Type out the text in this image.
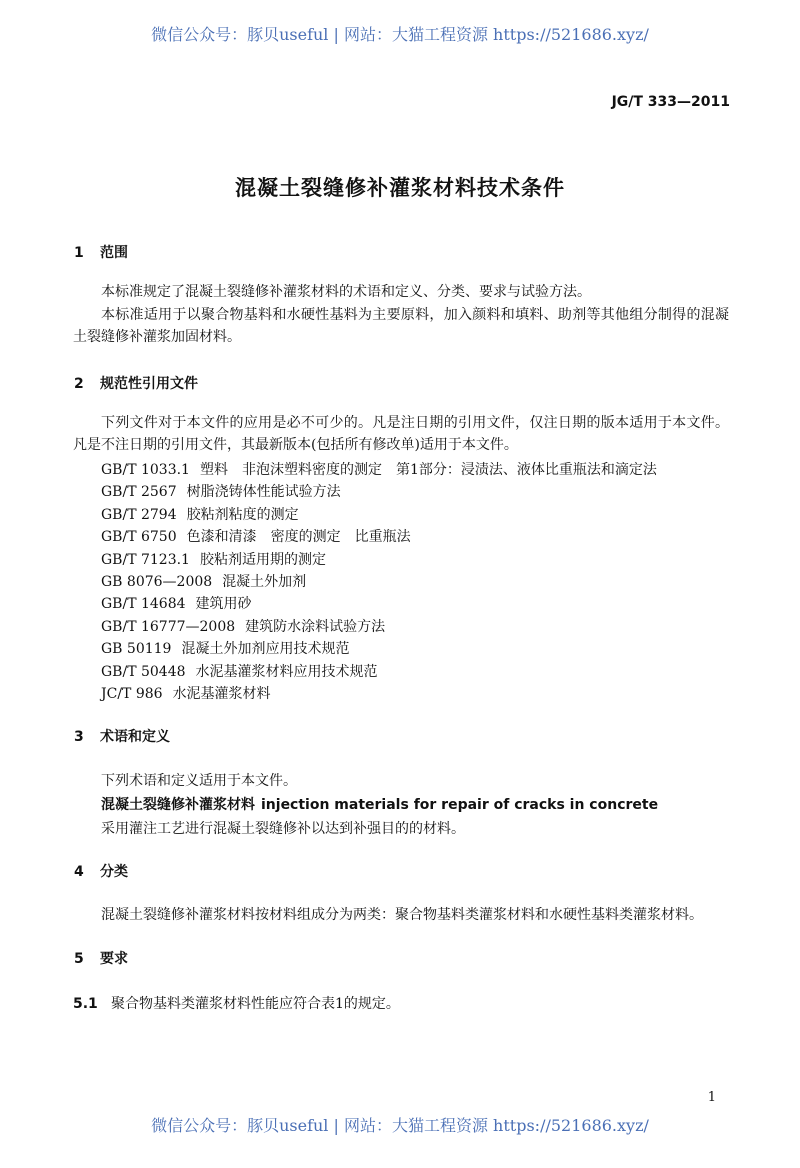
微信公众号：豚贝useful | 网站：大猫工程资源 https://521686.xyz/
JG/T 333—2011
混凝土裂缝修补灌浆材料技术条件
1 范围

本标准规定了混凝土裂缝修补灌浆材料的术语和定义、分类、要求与试验方法。

本标准适用于以聚合物基料和水硬性基料为主要原料，加入颜料和填料、助剂等其他组分制得的混凝土裂缝修补灌浆加固材料。

2 规范性引用文件

下列文件对于本文件的应用是必不可少的。凡是注日期的引用文件，仅注日期的版本适用于本文件。凡是不注日期的引用文件，其最新版本(包括所有修改单)适用于本文件。

GB/T 1033.1 塑料　非泡沫塑料密度的测定　第1部分：浸渍法、液体比重瓶法和滴定法
GB/T 2567 树脂浇铸体性能试验方法
GB/T 2794 胶粘剂粘度的测定
GB/T 6750 色漆和清漆　密度的测定　比重瓶法
GB/T 7123.1 胶粘剂适用期的测定
GB 8076—2008 混凝土外加剂
GB/T 14684 建筑用砂
GB/T 16777—2008 建筑防水涂料试验方法
GB 50119 混凝土外加剂应用技术规范
GB/T 50448 水泥基灌浆材料应用技术规范
JC/T 986 水泥基灌浆材料
3 术语和定义
下列术语和定义适用于本文件。
混凝土裂缝修补灌浆材料 injection materials for repair of cracks in concrete
采用灌注工艺进行混凝土裂缝修补以达到补强目的的材料。
4 分类
混凝土裂缝修补灌浆材料按材料组成分为两类：聚合物基料类灌浆材料和水硬性基料类灌浆材料。
5 要求
5.1 聚合物基料类灌浆材料性能应符合表1的规定。
1
微信公众号：豚贝useful | 网站：大猫工程资源 https://521686.xyz/
